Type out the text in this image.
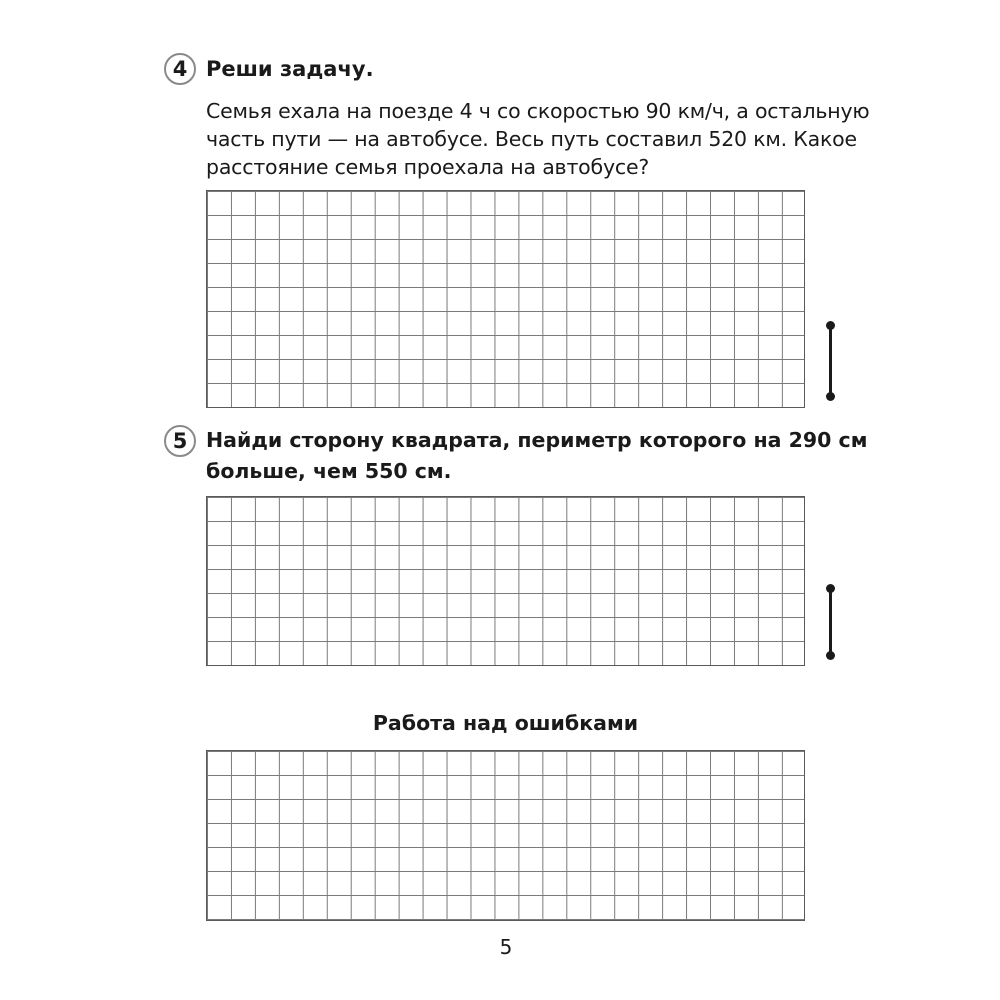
4 Реши задачу.
Семья ехала на поезде 4 ч со скоростью 90 км/ч, а остальную
часть пути — на автобусе. Весь путь составил 520 км. Какое
расстояние семья проехала на автобусе?
5 Найди сторону квадрата, периметр которого на 290 см
больше, чем 550 см.
Работа над ошибками
5
